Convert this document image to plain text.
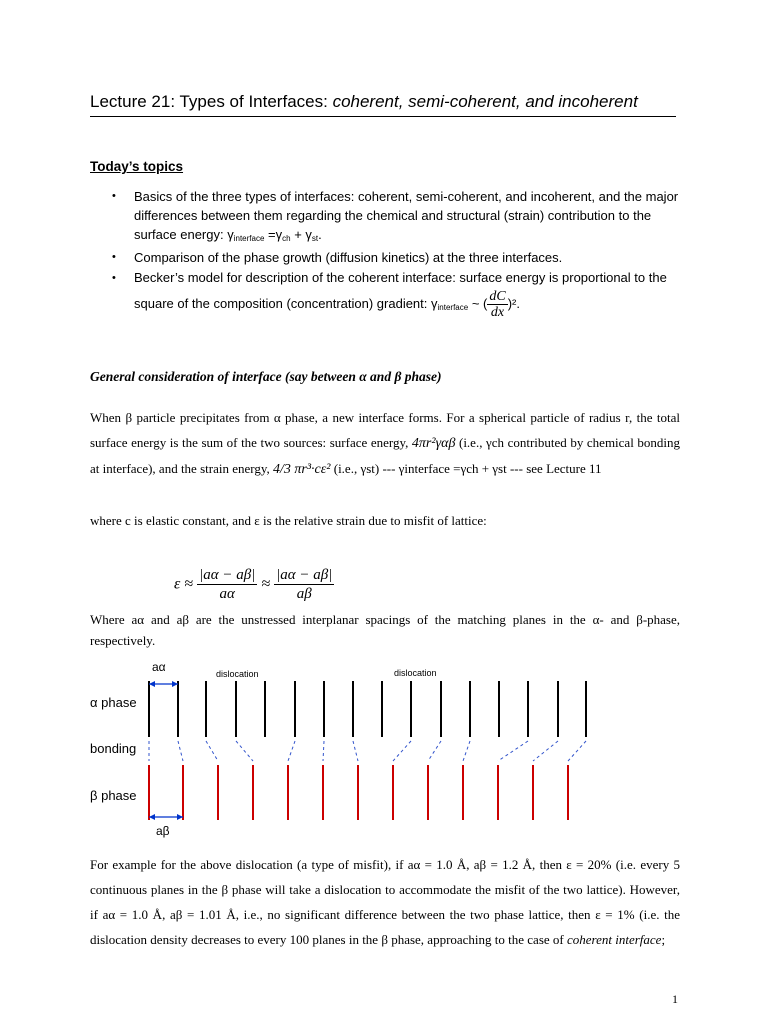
Lecture 21: Types of Interfaces: coherent, semi-coherent, and incoherent
Today’s topics
• Basics of the three types of interfaces: coherent, semi-coherent, and incoherent, and the major differences between them regarding the chemical and structural (strain) contribution to the surface energy: $\gamma_{interface} =\gamma_{ch} + \gamma_{st}$.
• Comparison of the phase growth (diffusion kinetics) at the three interfaces.
• Becker’s model for description of the coherent interface: surface energy is proportional to the square of the composition (concentration) gradient: $\gamma_{interface}$ ~ ( $\frac{dC}{dx} )^2$.
General consideration of interface (say between α and β phase)
When β particle precipitates from α phase, a new interface forms. For a spherical particle of radius r, the total surface energy is the sum of the two sources: surface energy, 4πr²γαβ (i.e., γch contributed by chemical bonding at interface), and the strain energy, 4/3 πr³·cε² (i.e., γst) --- γinterface =γch + γst --- see Lecture 11
where c is elastic constant, and ε is the relative strain due to misfit of lattice:
$\varepsilon \approx \frac{|a\alpha - a\beta|}{a\alpha} \approx \frac{|a\alpha - a\beta|}{a\beta}$
Where aα and aβ are the unstressed interplanar spacings of the matching planes in the α- and β-phase, respectively.
aα	dislocation	dislocation
α phase
bonding
β phase
aβ
For example for the above dislocation (a type of misfit), if aα = 1.0 Å, aβ = 1.2 Å, then ε = 20% (i.e. every 5 continuous planes in the β phase will take a dislocation to accommodate the misfit of the two lattice). However, if aα = 1.0 Å, aβ = 1.01 Å, i.e., no significant difference between the two phase lattice, then ε = 1% (i.e. the dislocation density decreases to every 100 planes in the β phase, approaching to the case of coherent interface;
1
